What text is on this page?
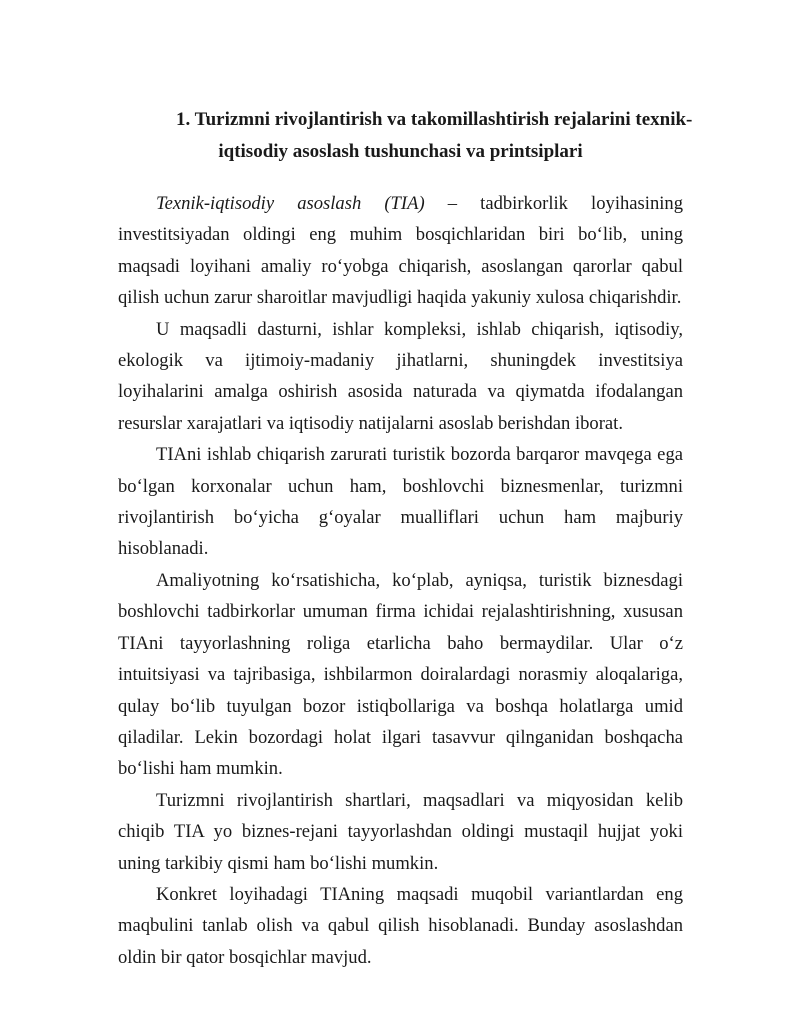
1. Turizmni rivojlantirish va takomillashtirish rejalarini texnik-
iqtisodiy asoslash tushunchasi va printsiplari

Texnik-iqtisodiy asoslash (TIA) – tadbirkorlik loyihasining investitsiyadan oldingi eng muhim bosqichlaridan biri bo‘lib, uning maqsadi loyihani amaliy ro‘yobga chiqarish, asoslangan qarorlar qabul qilish uchun zarur sharoitlar mavjudligi haqida yakuniy xulosa chiqarishdir.

U maqsadli dasturni, ishlar kompleksi, ishlab chiqarish, iqtisodiy, ekologik va ijtimoiy-madaniy jihatlarni, shuningdek investitsiya loyihalarini amalga oshirish asosida naturada va qiymatda ifodalangan resurslar xarajatlari va iqtisodiy natijalarni asoslab berishdan iborat.

TIAni ishlab chiqarish zarurati turistik bozorda barqaror mavqega ega bo‘lgan korxonalar uchun ham, boshlovchi biznesmenlar, turizmni rivojlantirish bo‘yicha g‘oyalar mualliflari uchun ham majburiy hisoblanadi.

Amaliyotning ko‘rsatishicha, ko‘plab, ayniqsa, turistik biznesdagi boshlovchi tadbirkorlar umuman firma ichidai rejalashtirishning, xususan TIAni tayyorlashning roliga etarlicha baho bermaydilar. Ular o‘z intuitsiyasi va tajribasiga, ishbilarmon doiralardagi norasmiy aloqalariga, qulay bo‘lib tuyulgan bozor istiqbollariga va boshqa holatlarga umid qiladilar. Lekin bozordagi holat ilgari tasavvur qilnganidan boshqacha bo‘lishi ham mumkin.

Turizmni rivojlantirish shartlari, maqsadlari va miqyosidan kelib chiqib TIA yo biznes-rejani tayyorlashdan oldingi mustaqil hujjat yoki uning tarkibiy qismi ham bo‘lishi mumkin.

Konkret loyihadagi TIAning maqsadi muqobil variantlardan eng maqbulini tanlab olish va qabul qilish hisoblanadi. Bunday asoslashdan oldin bir qator bosqichlar mavjud.
